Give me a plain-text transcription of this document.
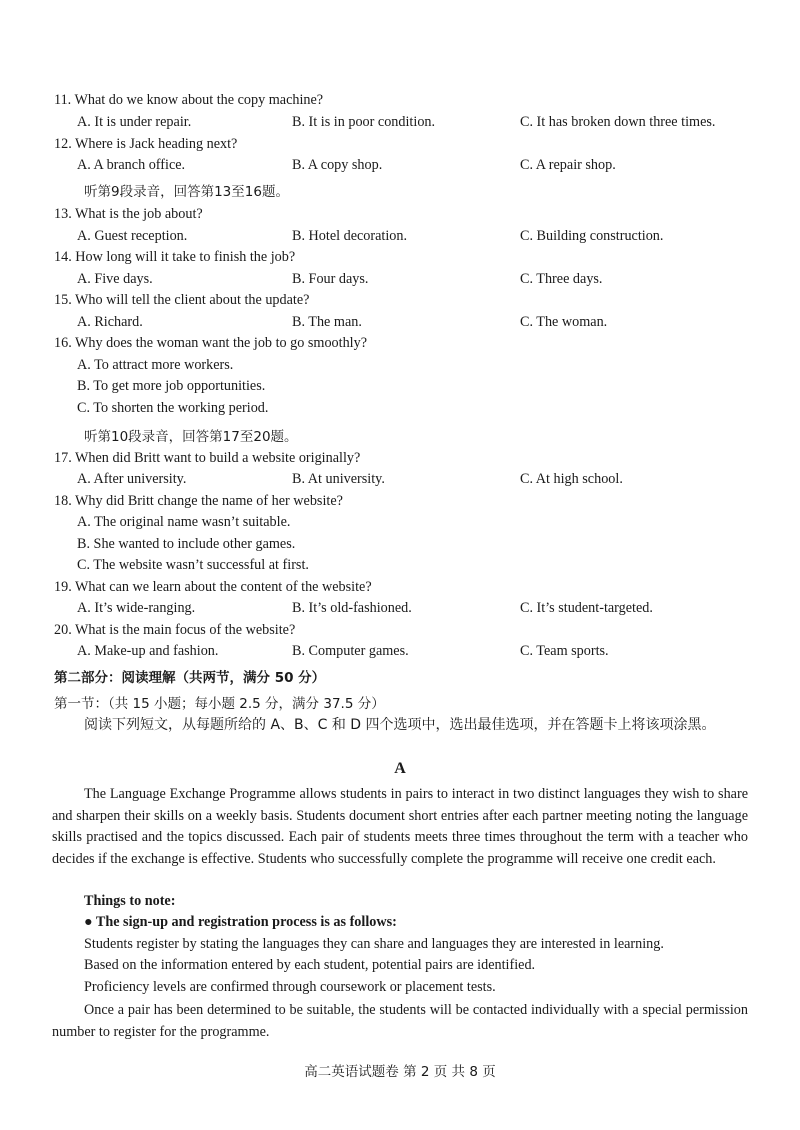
11. What do we know about the copy machine?
A. It is under repair.	B. It is in poor condition.	C. It has broken down three times.
12. Where is Jack heading next?
A. A branch office.	B. A copy shop.	C. A repair shop.
听第9段录音，回答第13至16题。
13. What is the job about?
A. Guest reception.	B. Hotel decoration.	C. Building construction.
14. How long will it take to finish the job?
A. Five days.	B. Four days.	C. Three days.
15. Who will tell the client about the update?
A. Richard.	B. The man.	C. The woman.
16. Why does the woman want the job to go smoothly?
A. To attract more workers.
B. To get more job opportunities.
C. To shorten the working period.
听第10段录音，回答第17至20题。
17. When did Britt want to build a website originally?
A. After university.	B. At university.	C. At high school.
18. Why did Britt change the name of her website?
A. The original name wasn’t suitable.
B. She wanted to include other games.
C. The website wasn’t successful at first.
19. What can we learn about the content of the website?
A. It’s wide-ranging.	B. It’s old-fashioned.	C. It’s student-targeted.
20. What is the main focus of the website?
A. Make-up and fashion.	B. Computer games.	C. Team sports.
第二部分：阅读理解（共两节，满分 50 分）
第一节：（共 15 小题；每小题 2.5 分，满分 37.5 分）
阅读下列短文，从每题所给的 A、B、C 和 D 四个选项中，选出最佳选项，并在答题卡上将该项涂黑。
A
The Language Exchange Programme allows students in pairs to interact in two distinct languages they wish to share and sharpen their skills on a weekly basis. Students document short entries after each partner meeting noting the language skills practised and the topics discussed. Each pair of students meets three times throughout the term with a teacher who decides if the exchange is effective. Students who successfully complete the programme will receive one credit each.
Things to note:
● The sign-up and registration process is as follows:
Students register by stating the languages they can share and languages they are interested in learning.
Based on the information entered by each student, potential pairs are identified.
Proficiency levels are confirmed through coursework or placement tests.
Once a pair has been determined to be suitable, the students will be contacted individually with a special permission number to register for the programme.
高二英语试题卷 第 2 页 共 8 页
